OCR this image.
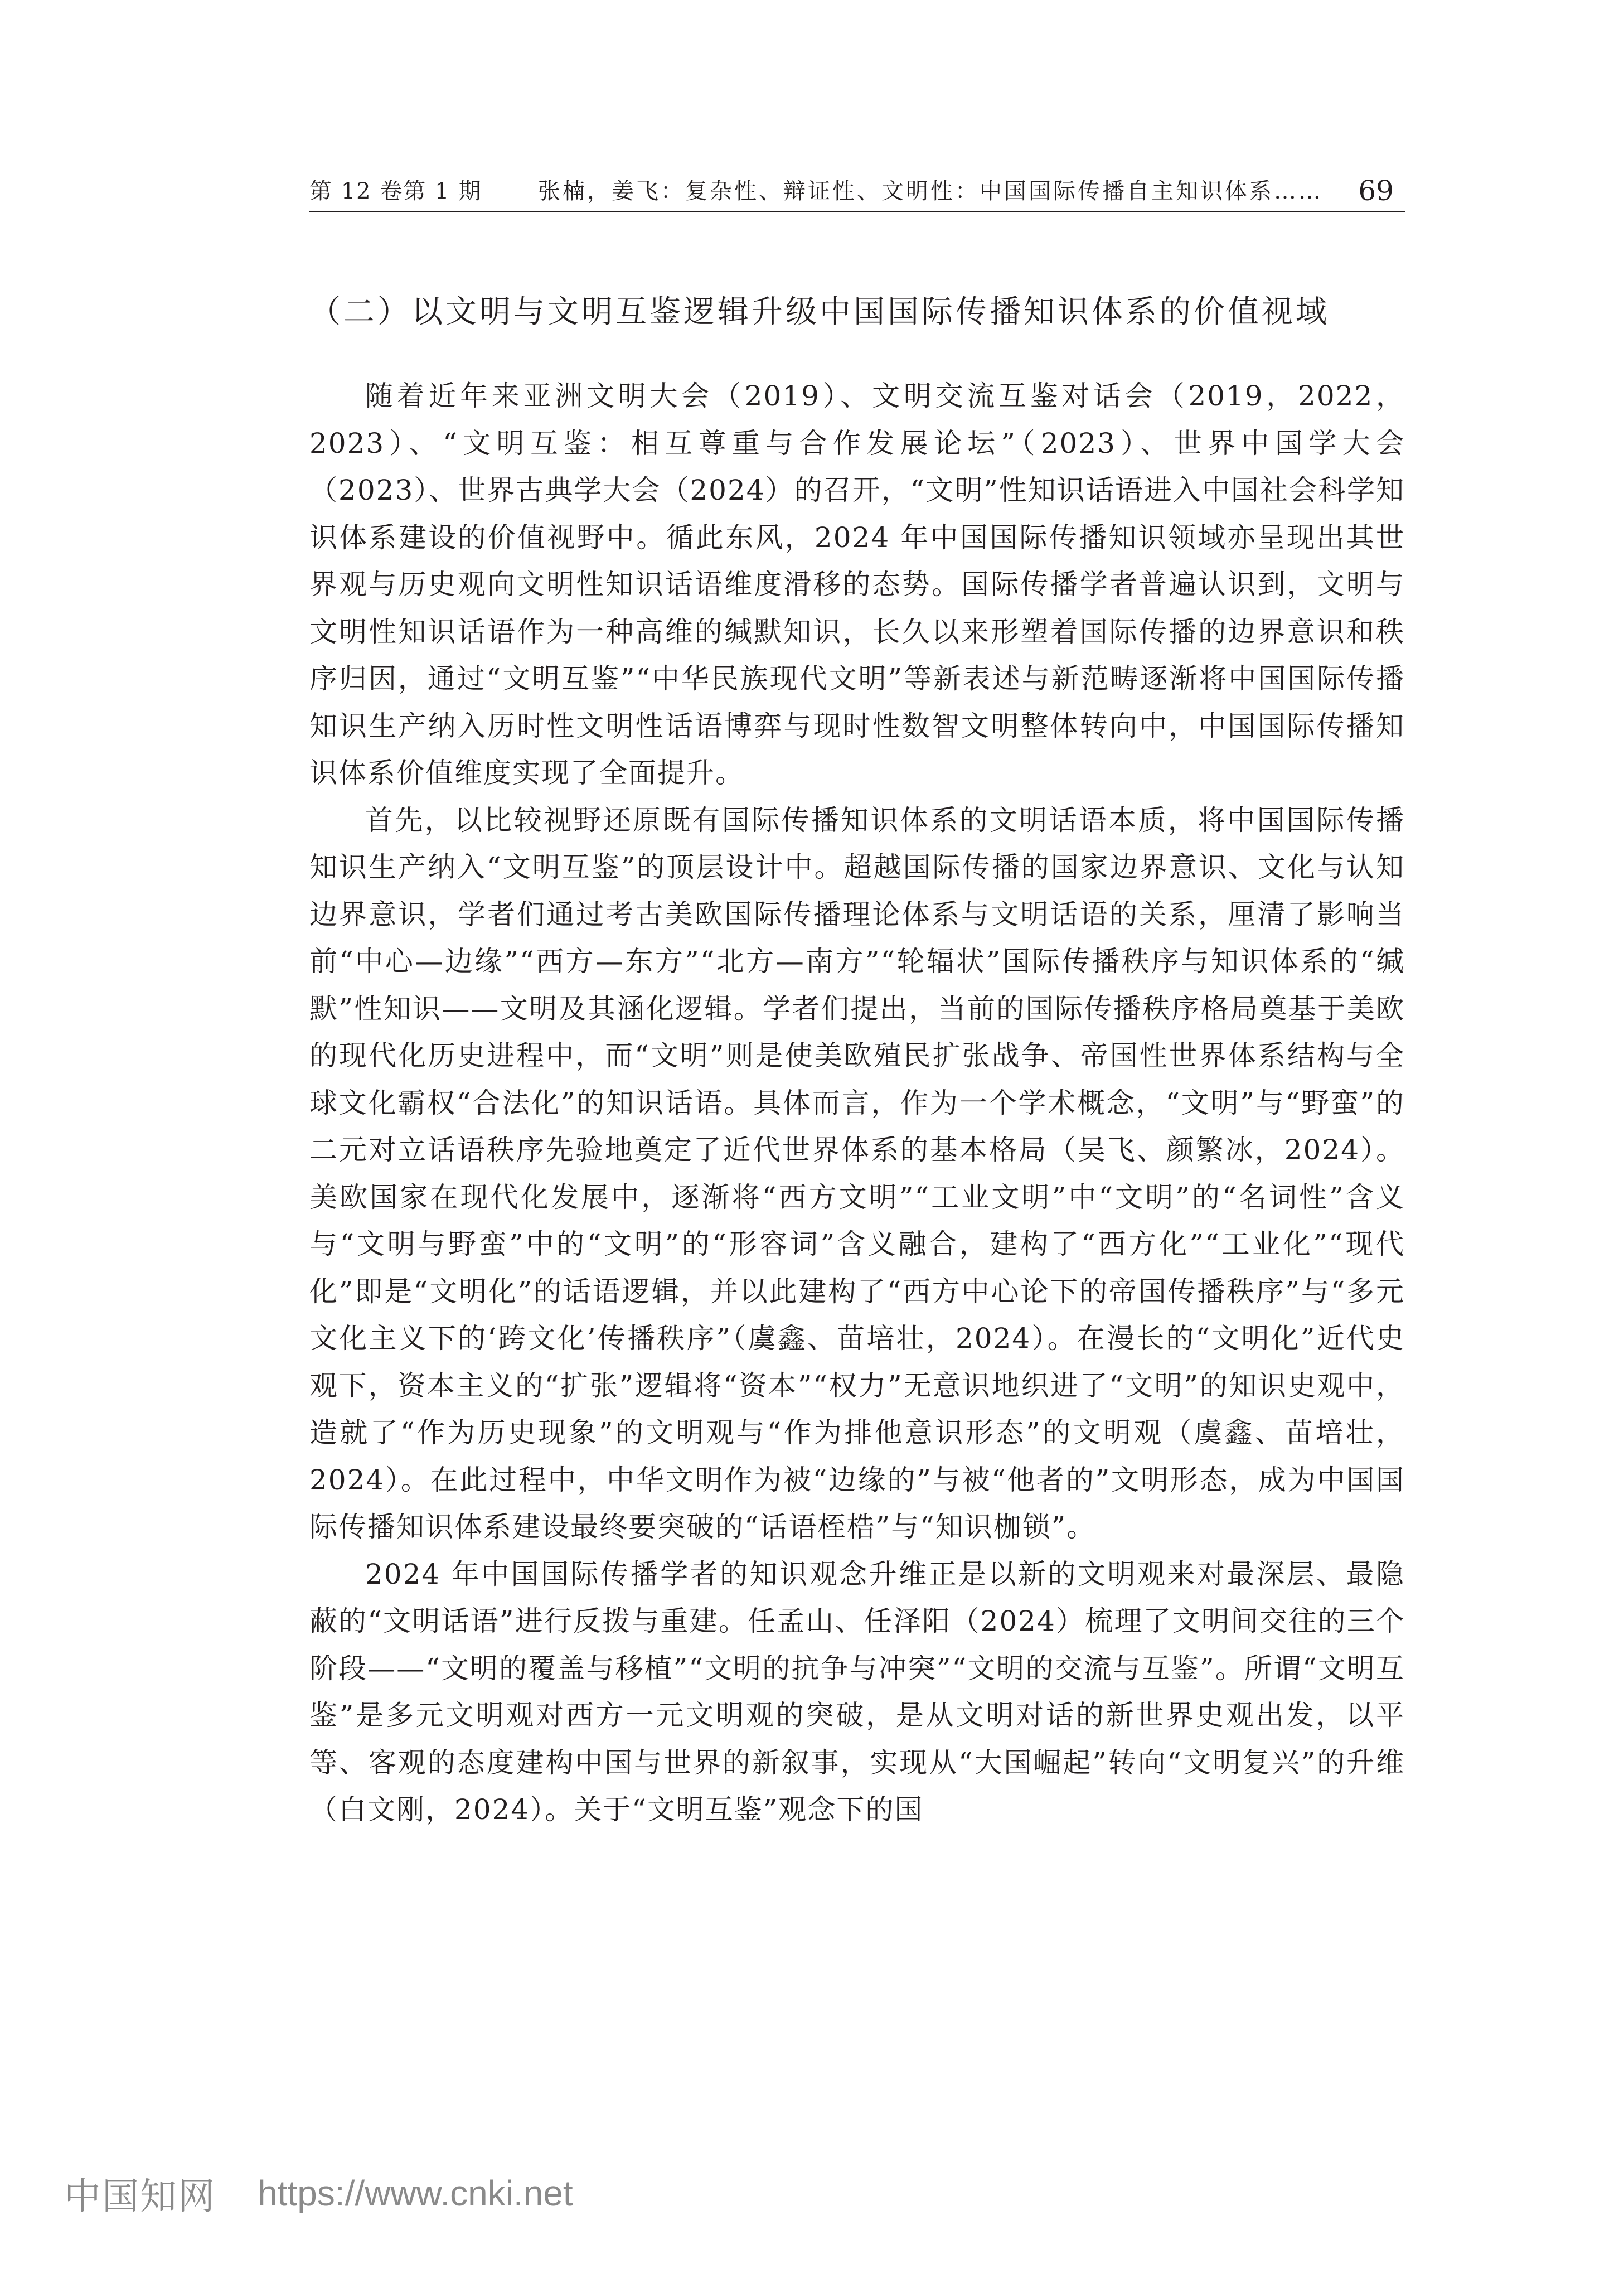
第 12 卷第 1 期	张楠，姜飞：复杂性、辩证性、文明性：中国国际传播自主知识体系…… 69
（二）以文明与文明互鉴逻辑升级中国国际传播知识体系的价值视域

随着近年来亚洲文明大会（2019）、文明交流互鉴对话会（2019，2022，2023）、“文明互鉴：相互尊重与合作发展论坛”（2023）、世界中国学大会（2023）、世界古典学大会（2024）的召开，“文明”性知识话语进入中国社会科学知识体系建设的价值视野中。循此东风，2024 年中国国际传播知识领域亦呈现出其世界观与历史观向文明性知识话语维度滑移的态势。国际传播学者普遍认识到，文明与文明性知识话语作为一种高维的缄默知识，长久以来形塑着国际传播的边界意识和秩序归因，通过“文明互鉴”“中华民族现代文明”等新表述与新范畴逐渐将中国国际传播知识生产纳入历时性文明性话语博弈与现时性数智文明整体转向中，中国国际传播知识体系价值维度实现了全面提升。

首先，以比较视野还原既有国际传播知识体系的文明话语本质，将中国国际传播知识生产纳入“文明互鉴”的顶层设计中。超越国际传播的国家边界意识、文化与认知边界意识，学者们通过考古美欧国际传播理论体系与文明话语的关系，厘清了影响当前“中心—边缘”“西方—东方”“北方—南方”“轮辐状”国际传播秩序与知识体系的“缄默”性知识——文明及其涵化逻辑。学者们提出，当前的国际传播秩序格局奠基于美欧的现代化历史进程中，而“文明”则是使美欧殖民扩张战争、帝国性世界体系结构与全球文化霸权“合法化”的知识话语。具体而言，作为一个学术概念，“文明”与“野蛮”的二元对立话语秩序先验地奠定了近代世界体系的基本格局（吴飞、颜繁冰，2024）。美欧国家在现代化发展中，逐渐将“西方文明”“工业文明”中“文明”的“名词性”含义与“文明与野蛮”中的“文明”的“形容词”含义融合，建构了“西方化”“工业化”“现代化”即是“文明化”的话语逻辑，并以此建构了“西方中心论下的帝国传播秩序”与“多元文化主义下的‘跨文化’传播秩序”（虞鑫、苗培壮，2024）。在漫长的“文明化”近代史观下，资本主义的“扩张”逻辑将“资本”“权力”无意识地织进了“文明”的知识史观中，造就了“作为历史现象”的文明观与“作为排他意识形态”的文明观（虞鑫、苗培壮，2024）。在此过程中，中华文明作为被“边缘的”与被“他者的”文明形态，成为中国国际传播知识体系建设最终要突破的“话语桎梏”与“知识枷锁”。

2024 年中国国际传播学者的知识观念升维正是以新的文明观来对最深层、最隐蔽的“文明话语”进行反拨与重建。任孟山、任泽阳（2024）梳理了文明间交往的三个阶段——“文明的覆盖与移植”“文明的抗争与冲突”“文明的交流与互鉴”。所谓“文明互鉴”是多元文明观对西方一元文明观的突破，是从文明对话的新世界史观出发，以平等、客观的态度建构中国与世界的新叙事，实现从“大国崛起”转向“文明复兴”的升维（白文刚，2024）。关于“文明互鉴”观念下的国

中国知网 https://www.cnki.net
